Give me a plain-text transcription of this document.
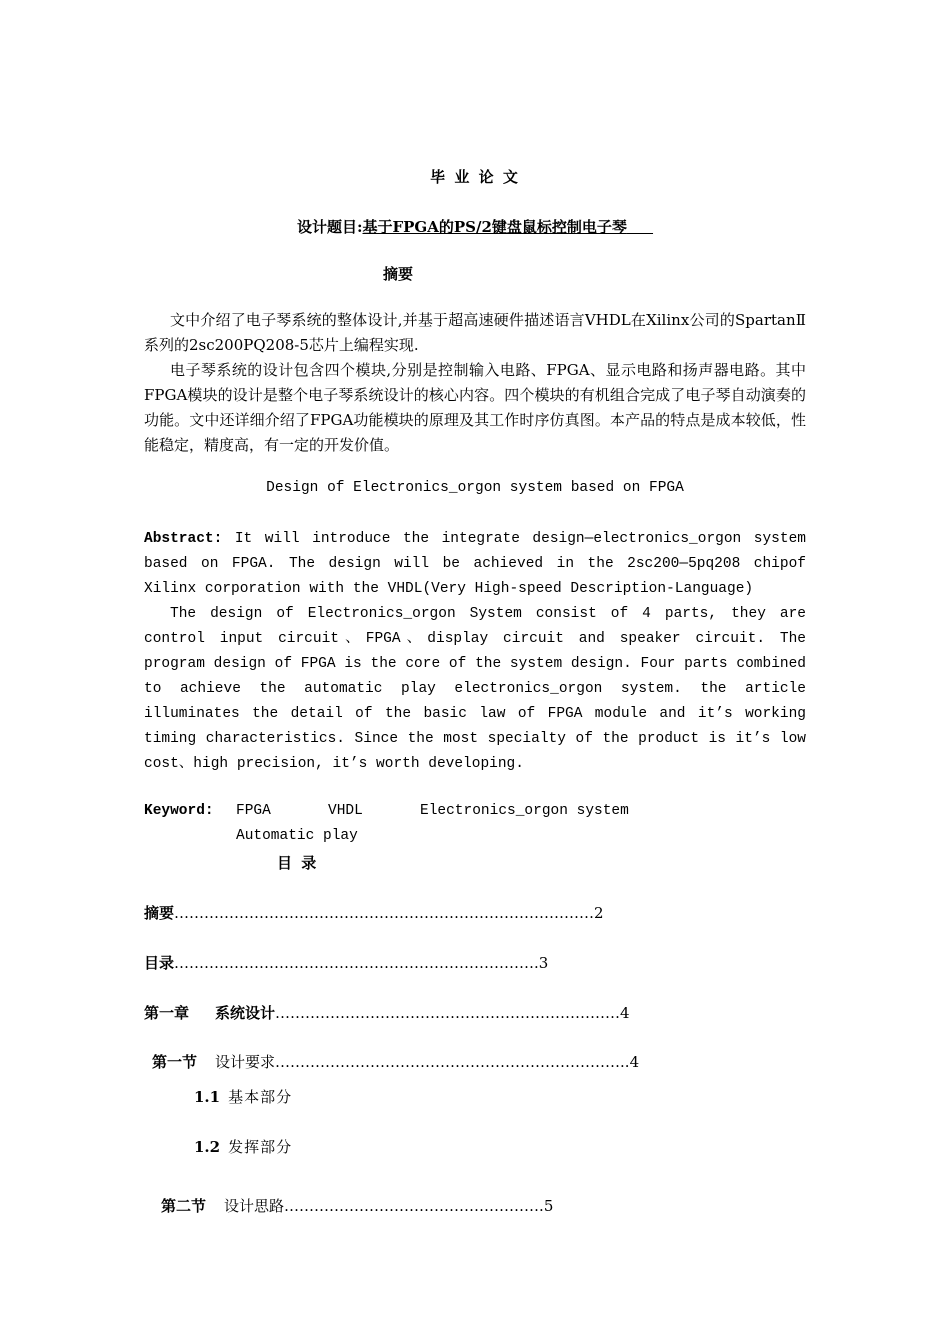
毕 业 论 文
设计题目:基于FPGA的PS/2键盘鼠标控制电子琴
摘要
文中介绍了电子琴系统的整体设计,并基于超高速硬件描述语言VHDL在Xilinx公司的SpartanⅡ系列的2sc200PQ208-5芯片上编程实现.
电子琴系统的设计包含四个模块,分别是控制输入电路、FPGA、显示电路和扬声器电路。其中FPGA模块的设计是整个电子琴系统设计的核心内容。四个模块的有机组合完成了电子琴自动演奏的功能。文中还详细介绍了FPGA功能模块的原理及其工作时序仿真图。本产品的特点是成本较低，性能稳定，精度高，有一定的开发价值。
Design of Electronics_orgon system based on FPGA
Abstract: It will introduce the integrate design—electronics_orgon system based on FPGA. The design will be achieved in the 2sc200—5pq208 chipof Xilinx corporation with the VHDL(Very High-speed Description-Language)
The design of Electronics_orgon System consist of 4 parts, they are control input circuit、FPGA、display circuit and speaker circuit. The program design of FPGA is the core of the system design. Four parts combined to achieve the automatic play electronics_orgon system. the article illuminates the detail of the basic law of FPGA module and it’s working timing characteristics. Since the most specialty of the product is it’s low cost、high precision, it’s worth developing.
Keyword: FPGA	VHDL	Electronics_orgon system
Automatic play
目 录
摘要…………………………………………………………………………2
目录……………………………………………………………….3
第一章 系统设计……………………………………………………………4
第一节 设计要求……………………………………………………………..4
1.1 基本部分
1.2 发挥部分
第二节 设计思路…………………………………………….5
